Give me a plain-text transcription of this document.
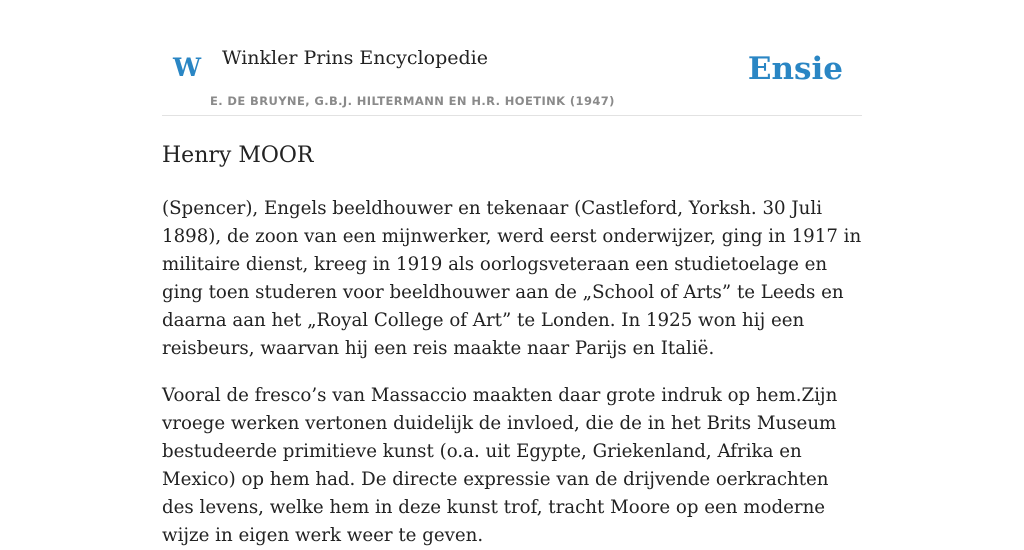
W Winkler Prins Encyclopedie
E. DE BRUYNE, G.B.J. HILTERMANN EN H.R. HOETINK (1947)
Ensie
Henry MOOR

(Spencer), Engels beeldhouwer en tekenaar (Castleford, Yorksh. 30 Juli 1898), de zoon van een mijnwerker, werd eerst onderwijzer, ging in 1917 in militaire dienst, kreeg in 1919 als oorlogsveteraan een studietoelage en ging toen studeren voor beeldhouwer aan de „School of Arts” te Leeds en daarna aan het „Royal College of Art” te Londen. In 1925 won hij een reisbeurs, waarvan hij een reis maakte naar Parijs en Italië.

Vooral de fresco’s van Massaccio maakten daar grote indruk op hem.Zijn vroege werken vertonen duidelijk de invloed, die de in het Brits Museum bestudeerde primitieve kunst (o.a. uit Egypte, Griekenland, Afrika en Mexico) op hem had. De directe expressie van de drijvende oerkrachten des levens, welke hem in deze kunst trof, tracht Moore op een moderne wijze in eigen werk weer te geven.
